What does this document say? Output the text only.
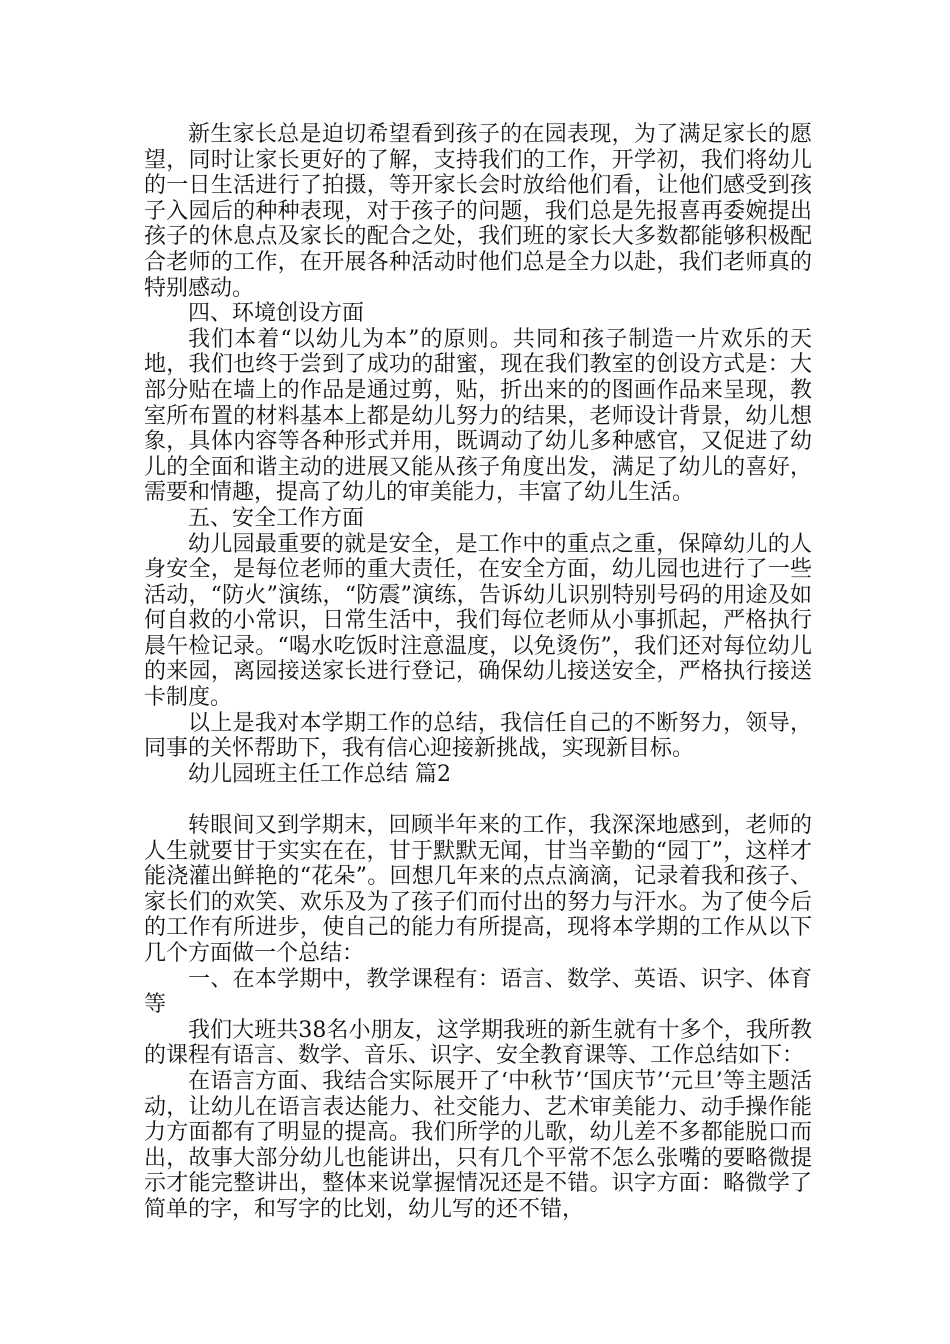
新生家长总是迫切希望看到孩子的在园表现，为了满足家长的愿望，同时让家长更好的了解，支持我们的工作，开学初，我们将幼儿的一日生活进行了拍摄，等开家长会时放给他们看，让他们感受到孩子入园后的种种表现，对于孩子的问题，我们总是先报喜再委婉提出孩子的休息点及家长的配合之处，我们班的家长大多数都能够积极配合老师的工作，在开展各种活动时他们总是全力以赴，我们老师真的特别感动。

四、环境创设方面

我们本着“以幼儿为本”的原则。共同和孩子制造一片欢乐的天地，我们也终于尝到了成功的甜蜜，现在我们教室的创设方式是：大部分贴在墙上的作品是通过剪，贴，折出来的的图画作品来呈现，教室所布置的材料基本上都是幼儿努力的结果，老师设计背景，幼儿想象，具体内容等各种形式并用，既调动了幼儿多种感官，又促进了幼儿的全面和谐主动的进展又能从孩子角度出发，满足了幼儿的喜好，需要和情趣，提高了幼儿的审美能力，丰富了幼儿生活。

五、安全工作方面

幼儿园最重要的就是安全，是工作中的重点之重，保障幼儿的人身安全，是每位老师的重大责任，在安全方面，幼儿园也进行了一些活动，“防火”演练，“防震”演练，告诉幼儿识别特别号码的用途及如何自救的小常识，日常生活中，我们每位老师从小事抓起，严格执行晨午检记录。“喝水吃饭时注意温度，以免烫伤”，我们还对每位幼儿的来园，离园接送家长进行登记，确保幼儿接送安全，严格执行接送卡制度。

以上是我对本学期工作的总结，我信任自己的不断努力，领导，同事的关怀帮助下，我有信心迎接新挑战，实现新目标。

幼儿园班主任工作总结 篇2

转眼间又到学期末，回顾半年来的工作，我深深地感到，老师的人生就要甘于实实在在，甘于默默无闻，甘当辛勤的“园丁”，这样才能浇灌出鲜艳的“花朵”。回想几年来的点点滴滴，记录着我和孩子、家长们的欢笑、欢乐及为了孩子们而付出的努力与汗水。为了使今后的工作有所进步，使自己的能力有所提高，现将本学期的工作从以下几个方面做一个总结：

一、在本学期中，教学课程有：语言、数学、英语、识字、体育等

我们大班共38名小朋友，这学期我班的新生就有十多个，我所教的课程有语言、数学、音乐、识字、安全教育课等、工作总结如下：

在语言方面、我结合实际展开了‘中秋节’‘国庆节’‘元旦’等主题活动，让幼儿在语言表达能力、社交能力、艺术审美能力、动手操作能力方面都有了明显的提高。我们所学的儿歌，幼儿差不多都能脱口而出，故事大部分幼儿也能讲出，只有几个平常不怎么张嘴的要略微提示才能完整讲出，整体来说掌握情况还是不错。识字方面：略微学了简单的字，和写字的比划，幼儿写的还不错，
